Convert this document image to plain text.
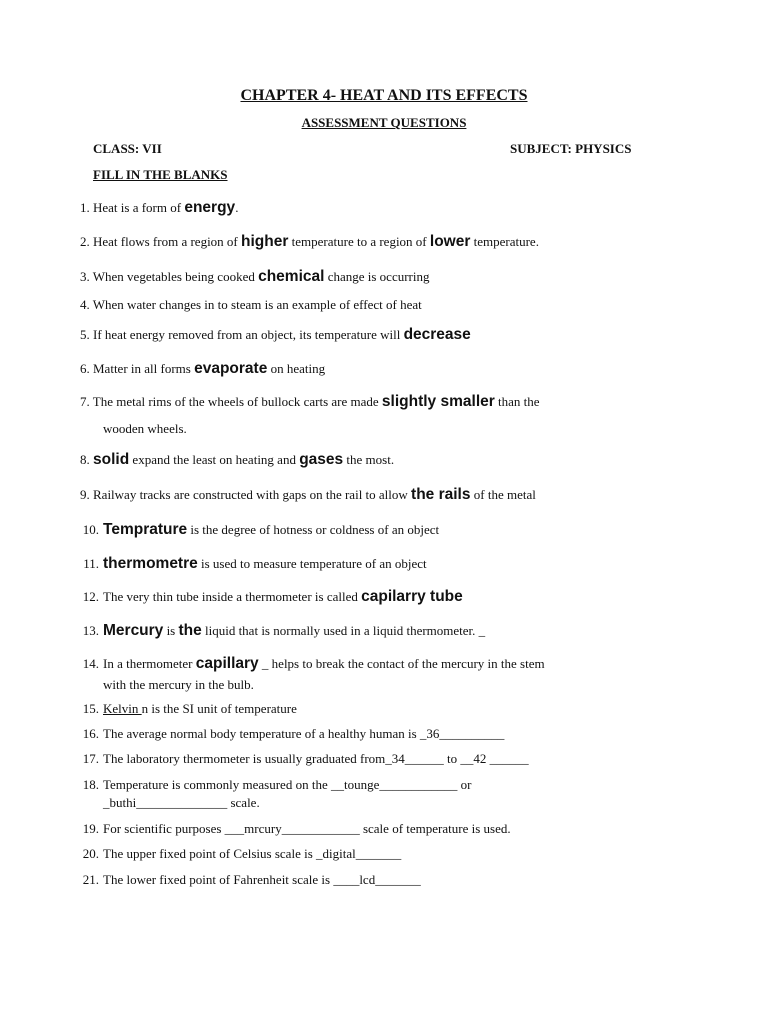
CHAPTER 4- HEAT AND ITS EFFECTS
ASSESSMENT QUESTIONS
CLASS: VII	SUBJECT: PHYSICS
FILL IN THE BLANKS
1. Heat is a form of energy.
2. Heat flows from a region of higher temperature to a region of lower temperature.
3. When vegetables being cooked chemical change is occurring
4. When water changes in to steam is an example of effect of heat
5. If heat energy removed from an object, its temperature will decrease
6. Matter in all forms evaporate on heating
7. The metal rims of the wheels of bullock carts are made slightly smaller than the
wooden wheels.
8. solid expand the least on heating and gases the most.
9. Railway tracks are constructed with gaps on the rail to allow the rails of the metal
10. Temprature is the degree of hotness or coldness of an object
11. thermometre is used to measure temperature of an object
12. The very thin tube inside a thermometer is called capilarry tube
13. Mercury is the liquid that is normally used in a liquid thermometer. _
14. In a thermometer capillary _ helps to break the contact of the mercury in the stem
with the mercury in the bulb.
15. Kelvin n is the SI unit of temperature
16. The average normal body temperature of a healthy human is _36__________
17. The laboratory thermometer is usually graduated from_34______ to __42 ______
18. Temperature is commonly measured on the __tounge____________ or
_buthi______________ scale.
19. For scientific purposes ___mrcury____________ scale of temperature is used.
20. The upper fixed point of Celsius scale is _digital_______
21. The lower fixed point of Fahrenheit scale is ____lcd_______
